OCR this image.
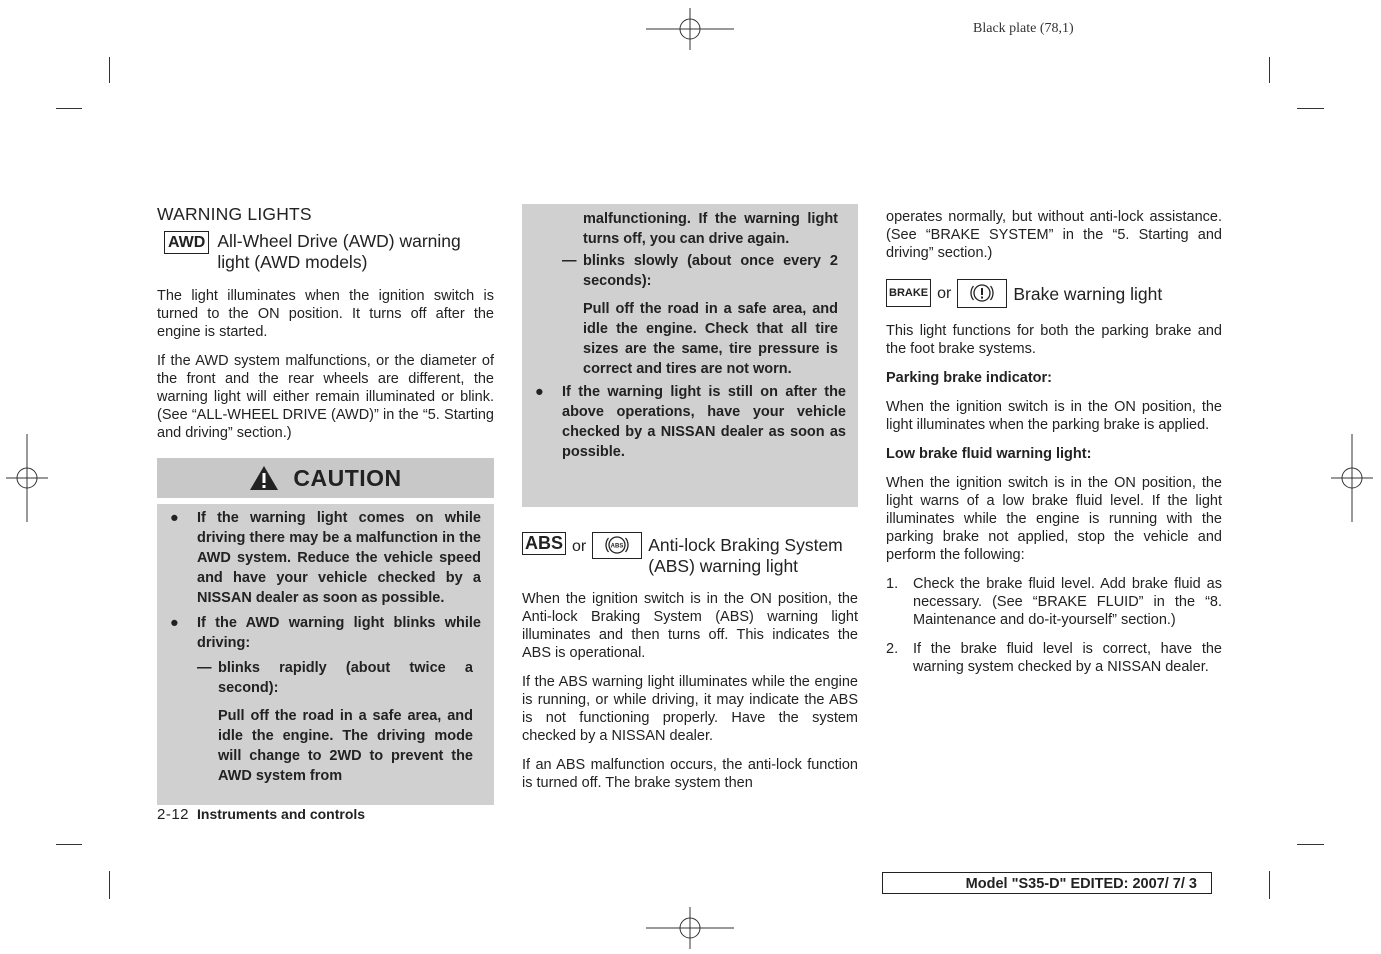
Black plate (78,1)
WARNING LIGHTS
AWD All-Wheel Drive (AWD) warning
light (AWD models)

The light illuminates when the ignition switch is turned to the ON position. It turns off after the engine is started.

If the AWD system malfunctions, or the diameter of the front and the rear wheels are different, the warning light will either remain illuminated or blink. (See “ALL-WHEEL DRIVE (AWD)” in the “5. Starting and driving” section.)

CAUTION
● If the warning light comes on while driving there may be a malfunction in the AWD system. Reduce the vehicle speed and have your vehicle checked by a NISSAN dealer as soon as possible.
● If the AWD warning light blinks while driving:
— blinks rapidly (about twice a second):
Pull off the road in a safe area, and idle the engine. The driving mode will change to 2WD to prevent the AWD system from
2-12 Instruments and controls
malfunctioning. If the warning light turns off, you can drive again.
— blinks slowly (about once every 2 seconds):
Pull off the road in a safe area, and idle the engine. Check that all tire sizes are the same, tire pressure is correct and tires are not worn.
● If the warning light is still on after the above operations, have your vehicle checked by a NISSAN dealer as soon as possible.
ABS or	ABS Anti-lock Braking System
(ABS) warning light

When the ignition switch is in the ON position, the Anti-lock Braking System (ABS) warning light illuminates and then turns off. This indicates the ABS is operational.

If the ABS warning light illuminates while the engine is running, or while driving, it may indicate the ABS is not functioning properly. Have the system checked by a NISSAN dealer.

If an ABS malfunction occurs, the anti-lock function is turned off. The brake system then

operates normally, but without anti-lock assistance. (See “BRAKE SYSTEM” in the “5. Starting and driving” section.)

BRAKE or	Brake warning light

This light functions for both the parking brake and the foot brake systems.

Parking brake indicator:

When the ignition switch is in the ON position, the light illuminates when the parking brake is applied.

Low brake fluid warning light:

When the ignition switch is in the ON position, the light warns of a low brake fluid level. If the light illuminates while the engine is running with the parking brake not applied, stop the vehicle and perform the following:

1. Check the brake fluid level. Add brake fluid as necessary. (See “BRAKE FLUID” in the “8. Maintenance and do-it-yourself” section.)
2. If the brake fluid level is correct, have the warning system checked by a NISSAN dealer.
Model "S35-D" EDITED: 2007/ 7/ 3
